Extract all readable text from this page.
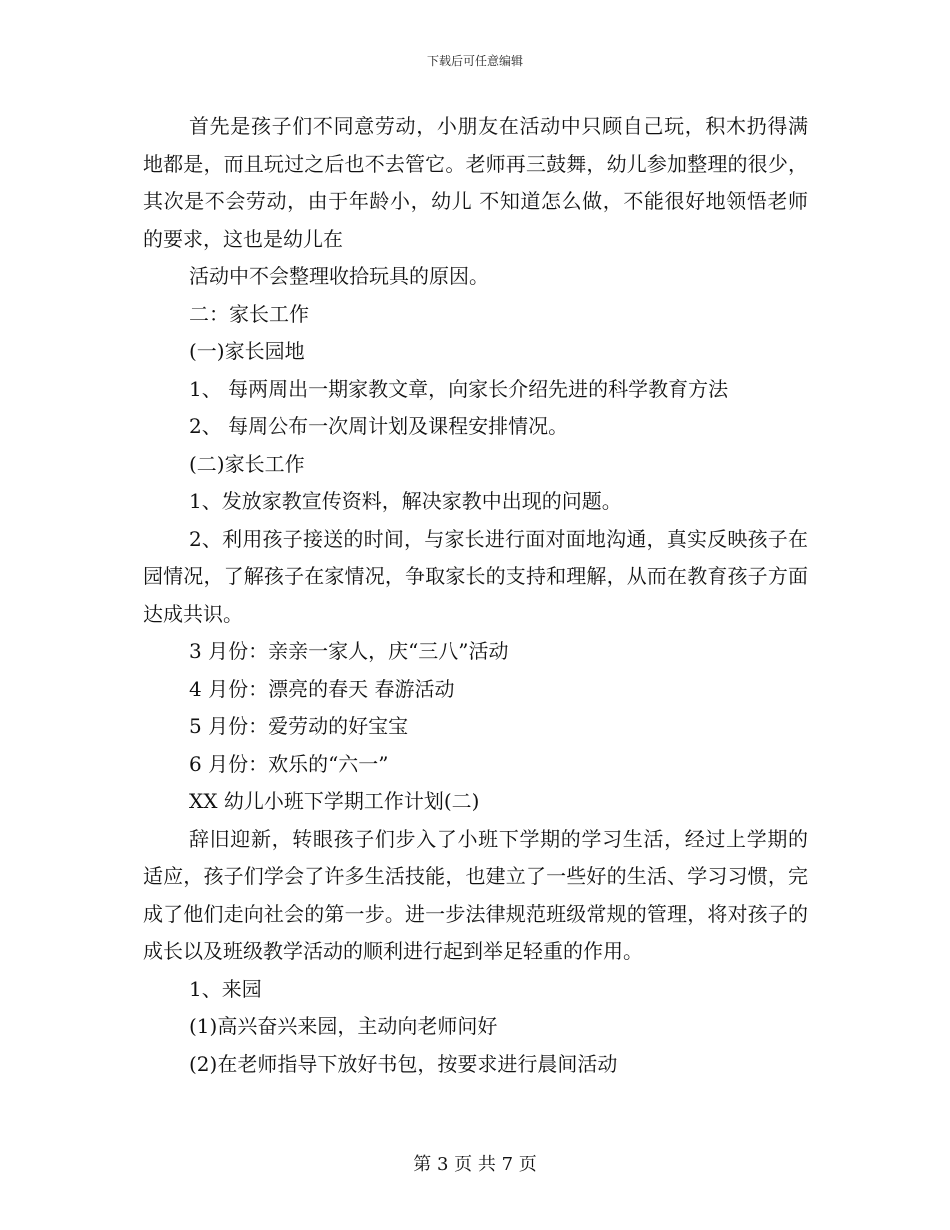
下载后可任意编辑

首先是孩子们不同意劳动，小朋友在活动中只顾自己玩，积木扔得满地都是，而且玩过之后也不去管它。老师再三鼓舞，幼儿参加整理的很少，其次是不会劳动，由于年龄小，幼儿 不知道怎么做，不能很好地领悟老师的要求，这也是幼儿在

活动中不会整理收拾玩具的原因。

二：家长工作

(一)家长园地

1、 每两周出一期家教文章，向家长介绍先进的科学教育方法

2、 每周公布一次周计划及课程安排情况。

(二)家长工作

1、发放家教宣传资料，解决家教中出现的问题。

2、利用孩子接送的时间，与家长进行面对面地沟通，真实反映孩子在园情况，了解孩子在家情况，争取家长的支持和理解，从而在教育孩子方面达成共识。

3 月份：亲亲一家人，庆“三八”活动

4 月份：漂亮的春天 春游活动

5 月份：爱劳动的好宝宝

6 月份：欢乐的“六一”

XX 幼儿小班下学期工作计划(二)

辞旧迎新，转眼孩子们步入了小班下学期的学习生活，经过上学期的适应，孩子们学会了许多生活技能，也建立了一些好的生活、学习习惯，完成了他们走向社会的第一步。进一步法律规范班级常规的管理，将对孩子的成长以及班级教学活动的顺利进行起到举足轻重的作用。

1、来园

(1)高兴奋兴来园，主动向老师问好

(2)在老师指导下放好书包，按要求进行晨间活动

第 3 页 共 7 页
